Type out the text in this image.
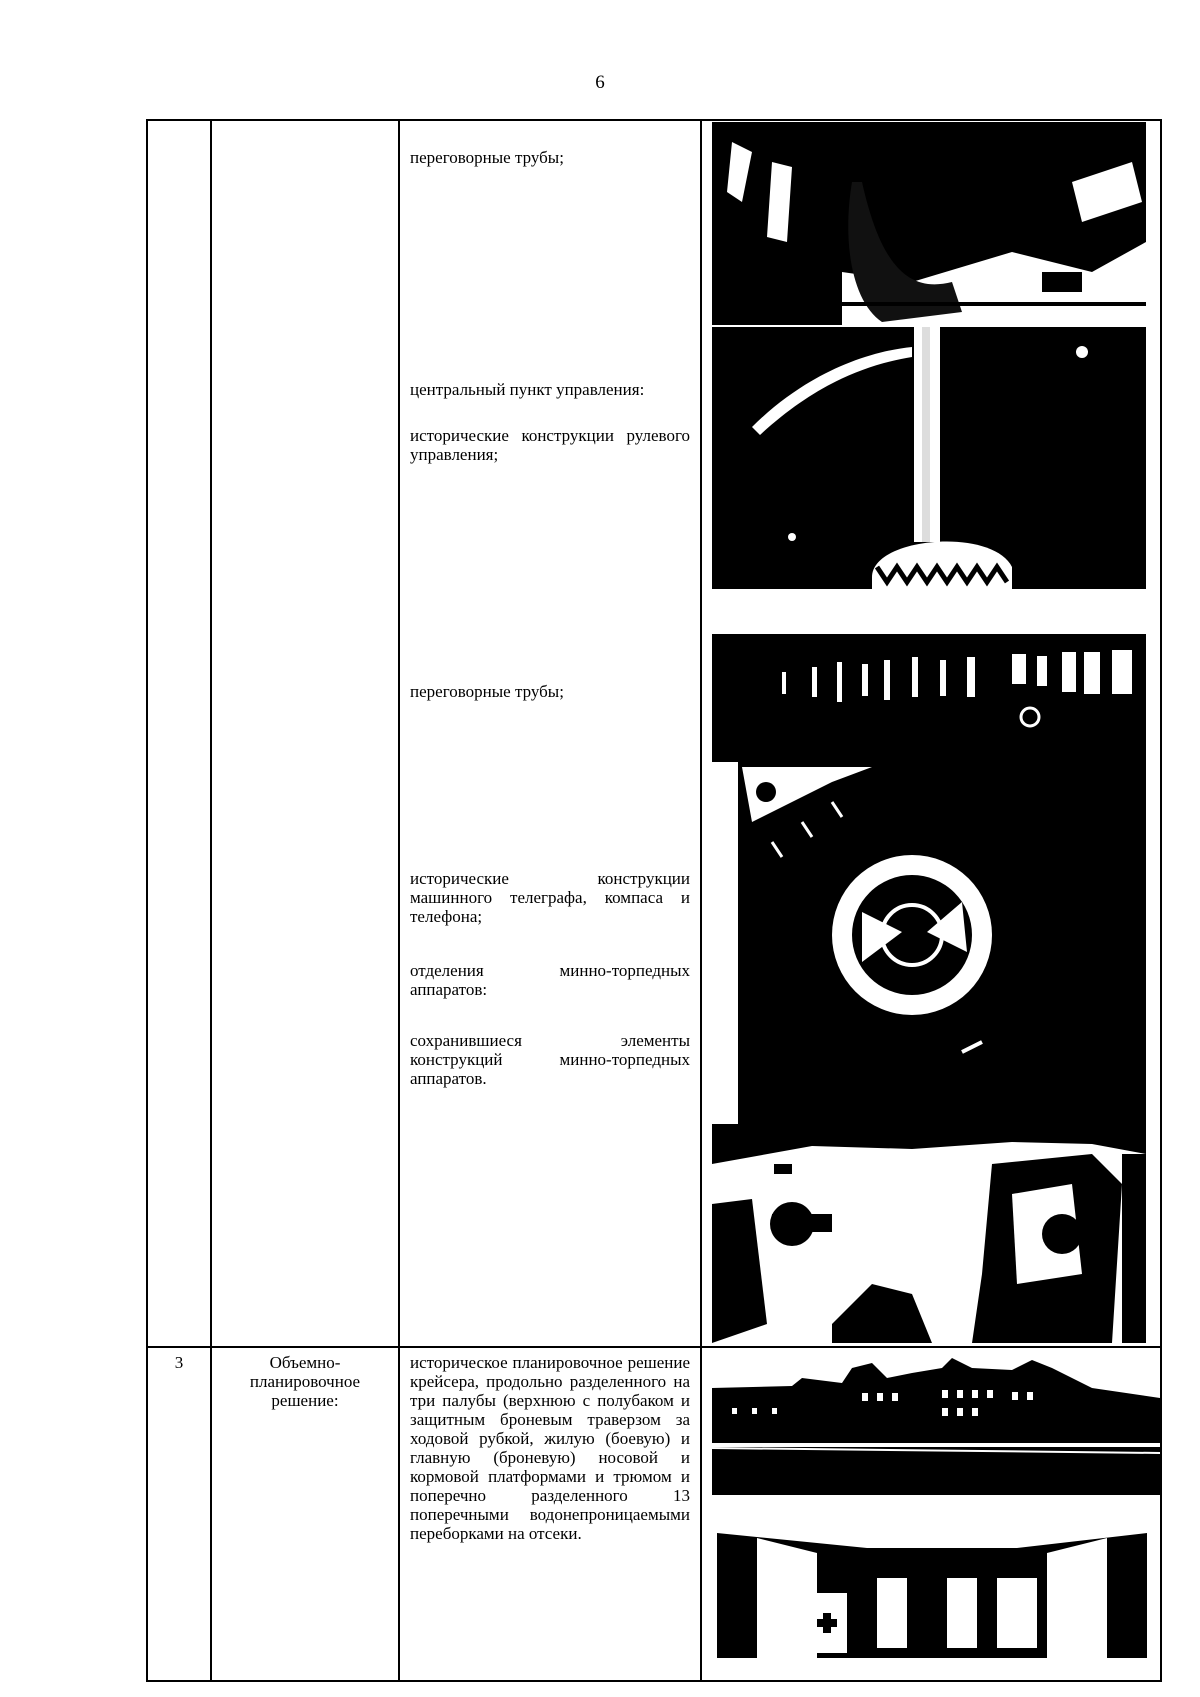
6
переговорные трубы;
центральный пункт управления:
исторические конструкции рулевого управления;
переговорные трубы;
исторические конструкции машинного телеграфа, компаса и телефона;
отделения минно-торпедных аппаратов:
сохранившиеся элементы конструкций минно-торпедных аппаратов.
3	Объемно-планировочное решение:
историческое планировочное решение крейсера, продольно разделенного на три палубы (верхнюю с полубаком и защитным броневым траверзом за ходовой рубкой, жилую (боевую) и главную (броневую) носовой и кормовой платформами и трюмом и поперечно разделенного 13 поперечными водонепроницаемыми переборками на отсеки.
